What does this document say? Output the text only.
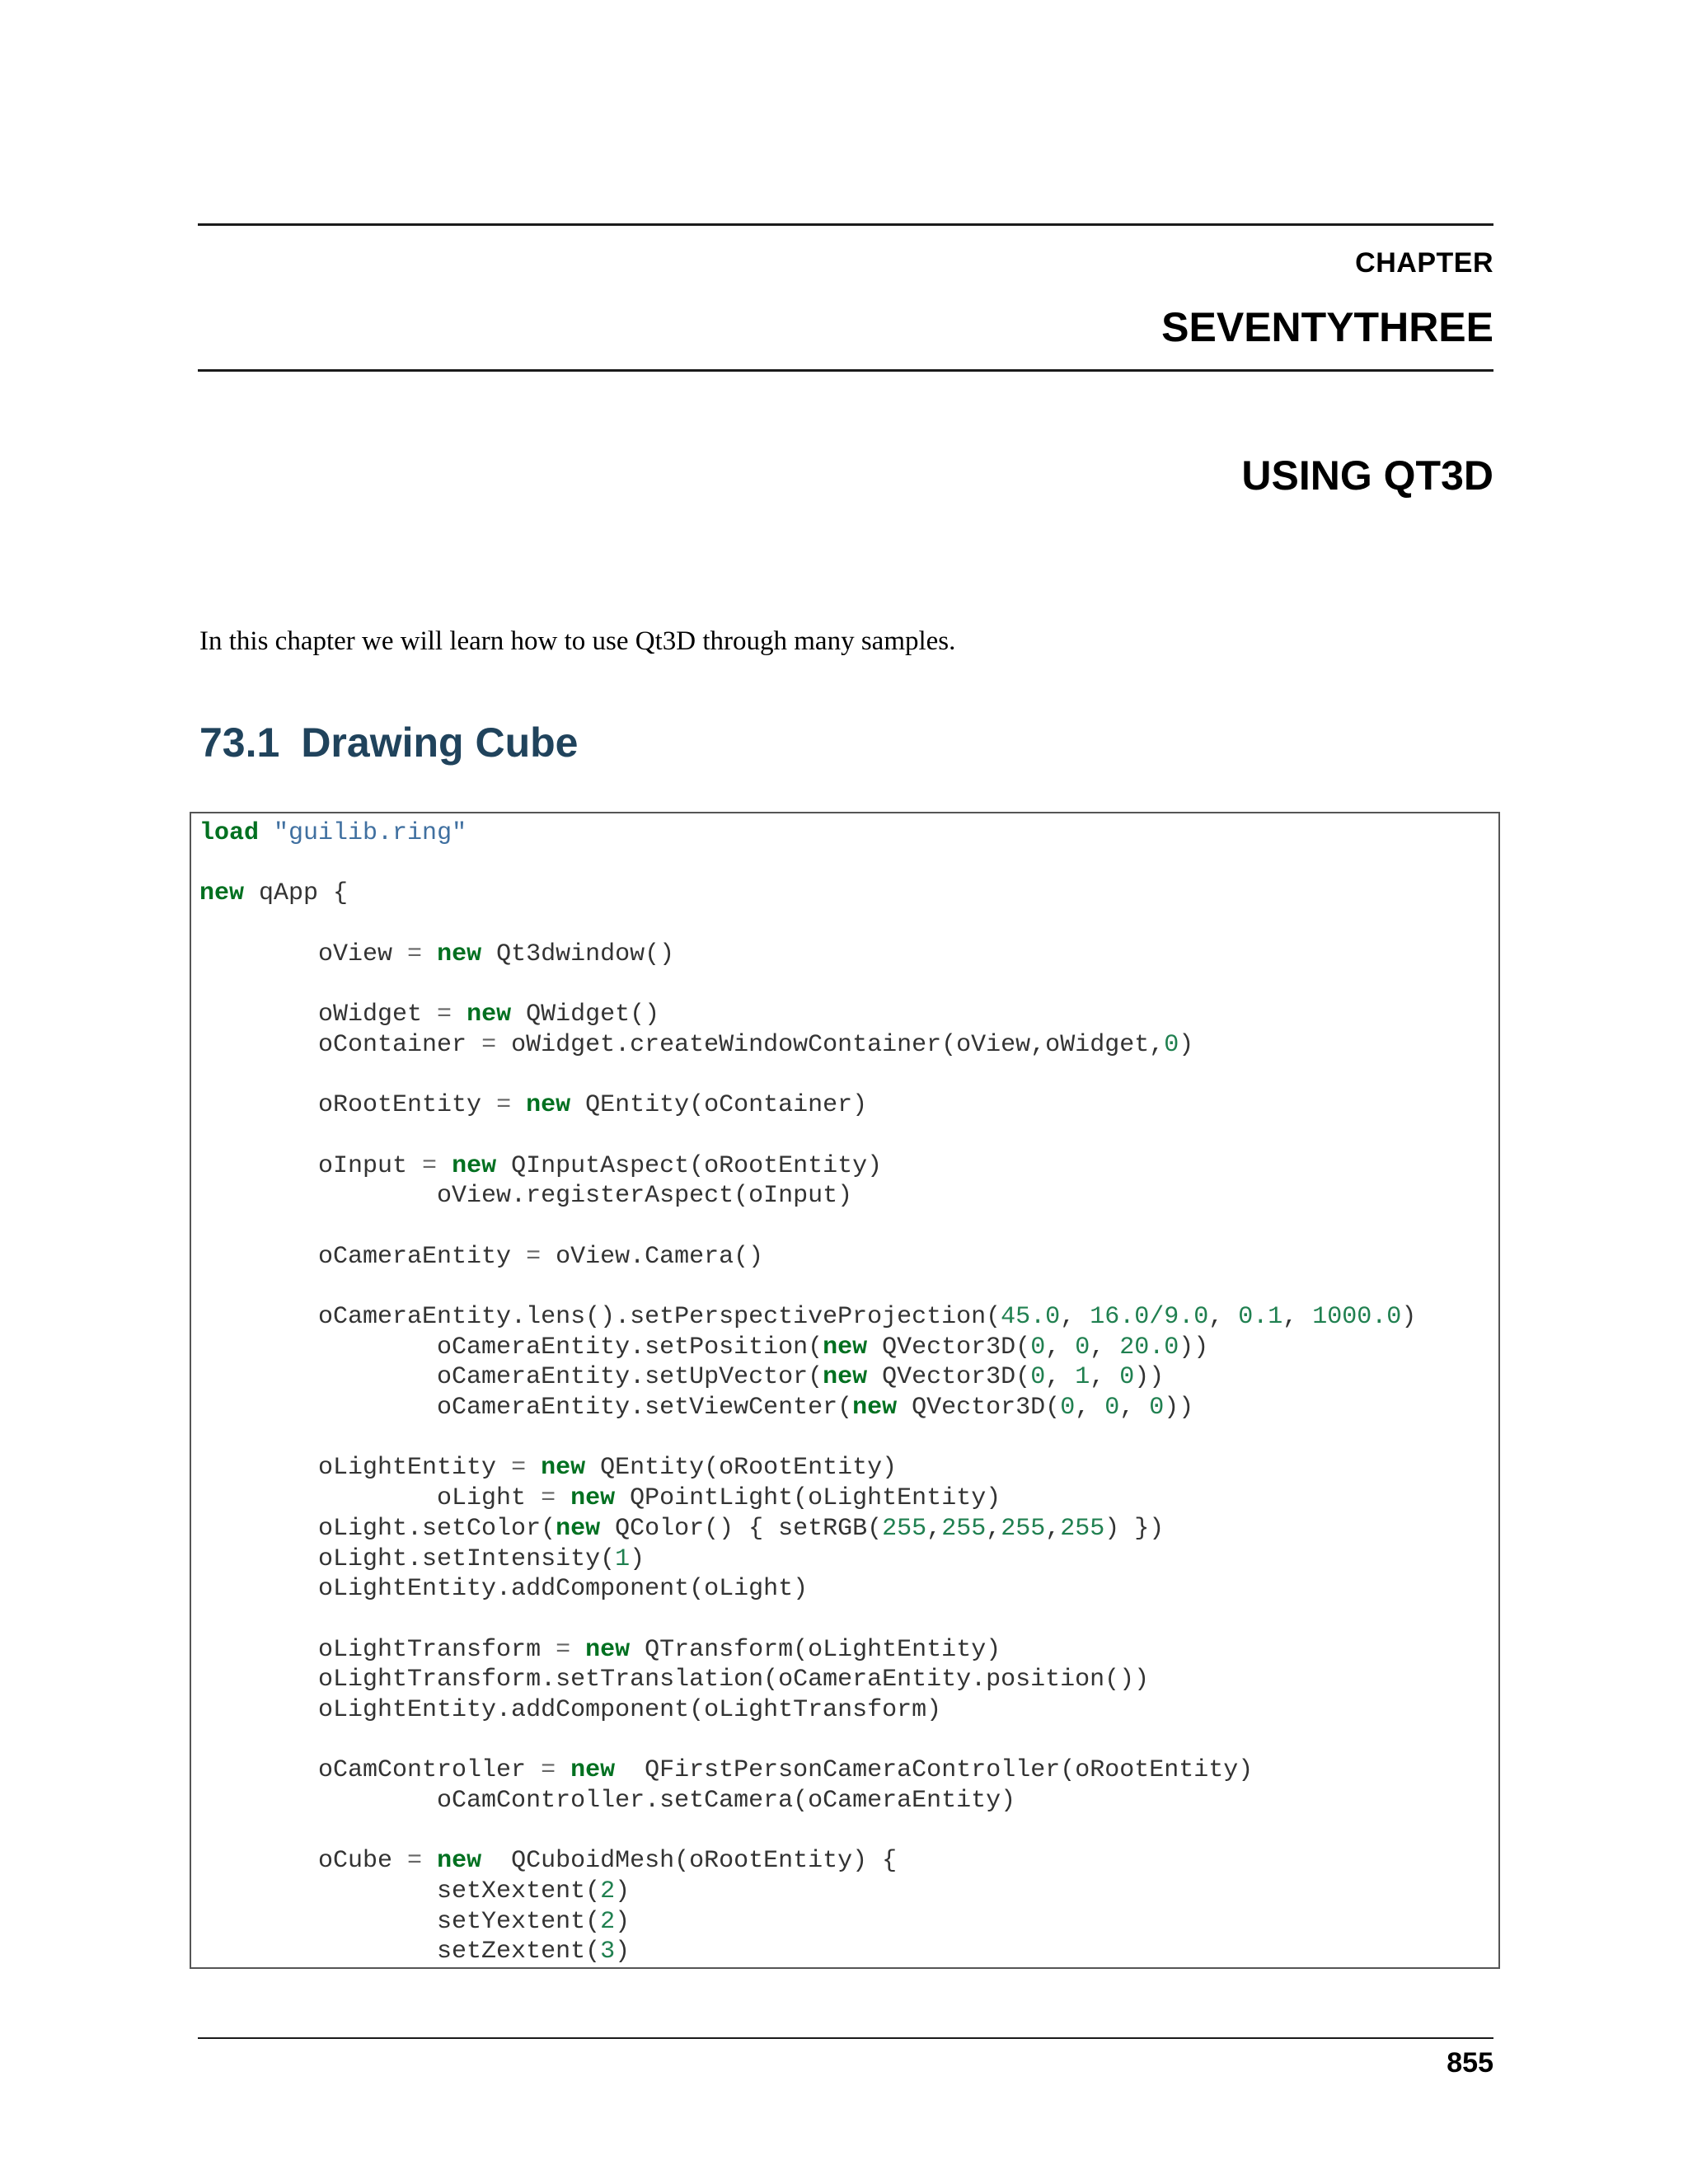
CHAPTER
SEVENTYTHREE
USING QT3D
In this chapter we will learn how to use Qt3D through many samples.
73.1 Drawing Cube
load "guilib.ring"
new qApp {
oView = new Qt3dwindow()
oWidget = new QWidget()
oContainer = oWidget.createWindowContainer(oView,oWidget,0)
oRootEntity = new QEntity(oContainer)
oInput = new QInputAspect(oRootEntity)
oView.registerAspect(oInput)
oCameraEntity = oView.Camera()
oCameraEntity.lens().setPerspectiveProjection(45.0, 16.0/9.0, 0.1, 1000.0)
oCameraEntity.setPosition(new QVector3D(0, 0, 20.0))
oCameraEntity.setUpVector(new QVector3D(0, 1, 0))
oCameraEntity.setViewCenter(new QVector3D(0, 0, 0))
oLightEntity = new QEntity(oRootEntity)
oLight = new QPointLight(oLightEntity)
oLight.setColor(new QColor() { setRGB(255,255,255,255) })
oLight.setIntensity(1)
oLightEntity.addComponent(oLight)
oLightTransform = new QTransform(oLightEntity)
oLightTransform.setTranslation(oCameraEntity.position())
oLightEntity.addComponent(oLightTransform)
oCamController = new  QFirstPersonCameraController(oRootEntity)
oCamController.setCamera(oCameraEntity)
oCube = new  QCuboidMesh(oRootEntity) {
setXextent(2)
setYextent(2)
setZextent(3)
855
